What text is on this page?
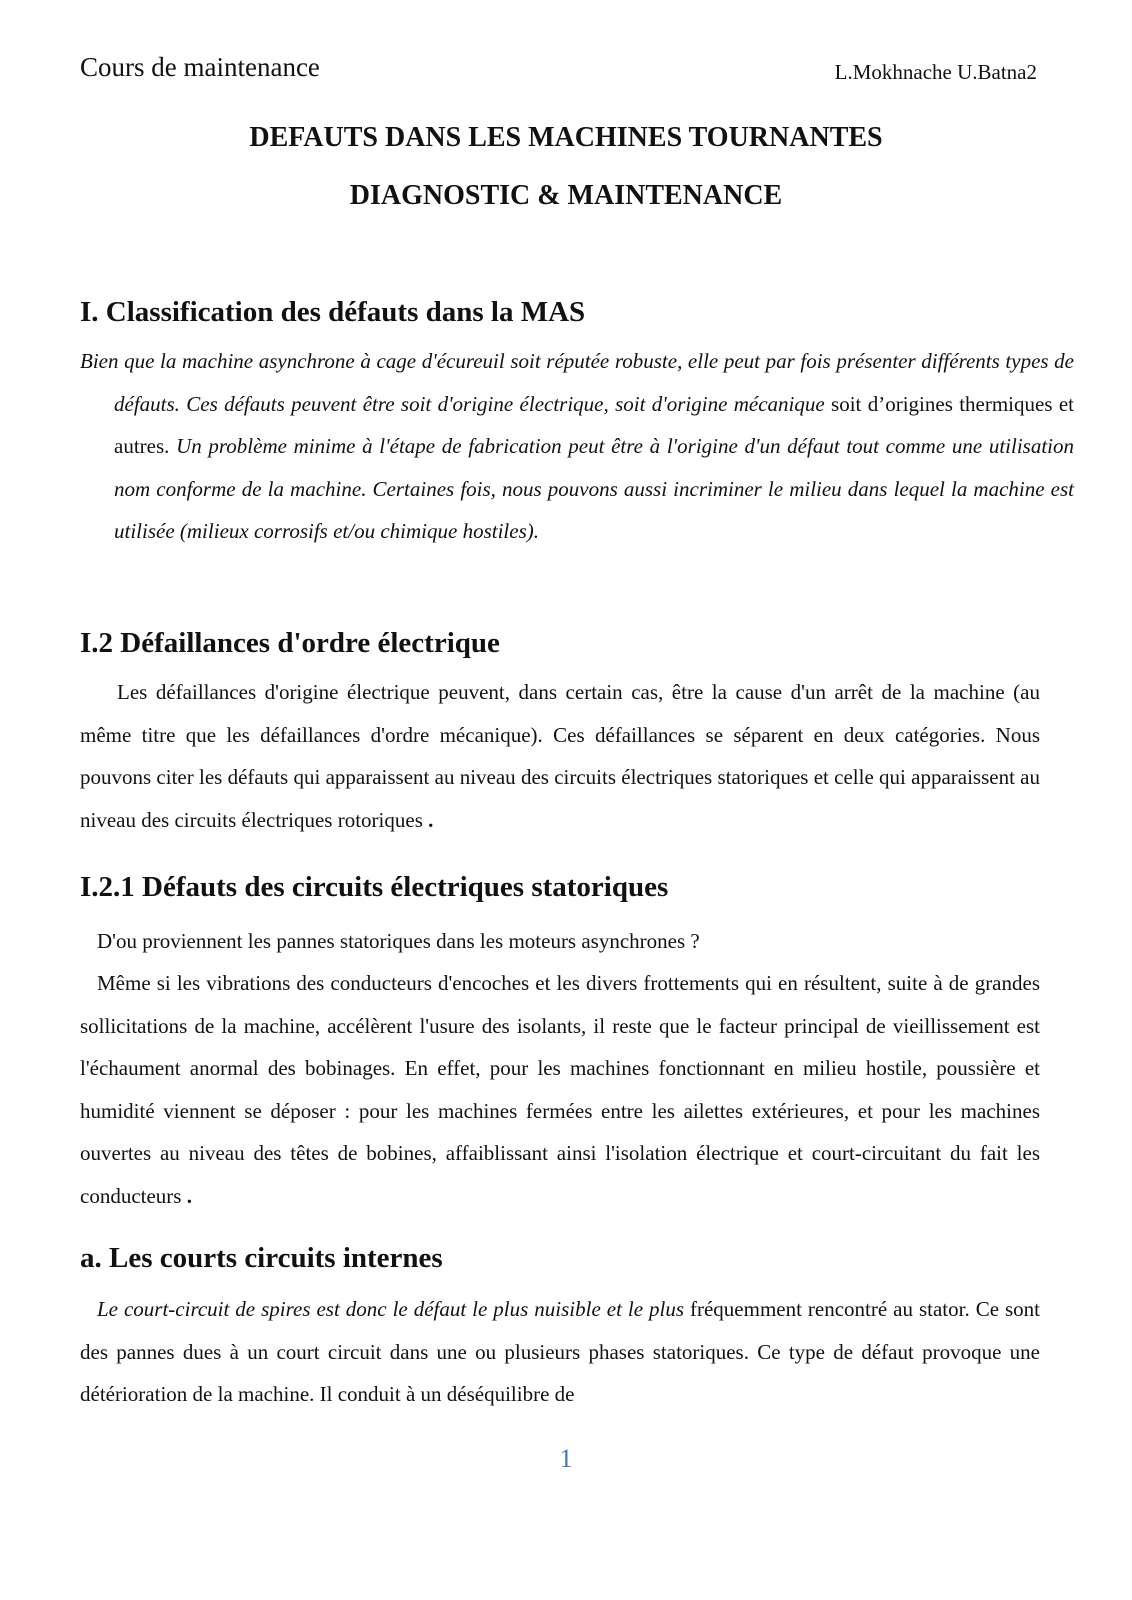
Cours de maintenance	L.Mokhnache U.Batna2
DEFAUTS DANS LES MACHINES TOURNANTES
DIAGNOSTIC & MAINTENANCE
I. Classification des défauts dans la MAS

Bien que la machine asynchrone à cage d'écureuil soit réputée robuste, elle peut par fois présenter différents types de défauts. Ces défauts peuvent être soit d'origine électrique, soit d'origine mécanique soit d’origines thermiques et autres. Un problème minime à l'étape de fabrication peut être à l'origine d'un défaut tout comme une utilisation nom conforme de la machine. Certaines fois, nous pouvons aussi incriminer le milieu dans lequel la machine est utilisée (milieux corrosifs et/ou chimique hostiles).

I.2 Défaillances d'ordre électrique

Les défaillances d'origine électrique peuvent, dans certain cas, être la cause d'un arrêt de la machine (au même titre que les défaillances d'ordre mécanique). Ces défaillances se séparent en deux catégories. Nous pouvons citer les défauts qui apparaissent au niveau des circuits électriques statoriques et celle qui apparaissent au niveau des circuits électriques rotoriques .

I.2.1 Défauts des circuits électriques statoriques

D'ou proviennent les pannes statoriques dans les moteurs asynchrones ?

Même si les vibrations des conducteurs d'encoches et les divers frottements qui en résultent, suite à de grandes sollicitations de la machine, accélèrent l'usure des isolants, il reste que le facteur principal de vieillissement est l'échaument anormal des bobinages. En effet, pour les machines fonctionnant en milieu hostile, poussière et humidité viennent se déposer : pour les machines fermées entre les ailettes extérieures, et pour les machines ouvertes au niveau des têtes de bobines, affaiblissant ainsi l'isolation électrique et court-circuitant du fait les conducteurs .

a. Les courts circuits internes

Le court-circuit de spires est donc le défaut le plus nuisible et le plus fréquemment rencontré au stator. Ce sont des pannes dues à un court circuit dans une ou plusieurs phases statoriques. Ce type de défaut provoque une détérioration de la machine. Il conduit à un déséquilibre de

1
